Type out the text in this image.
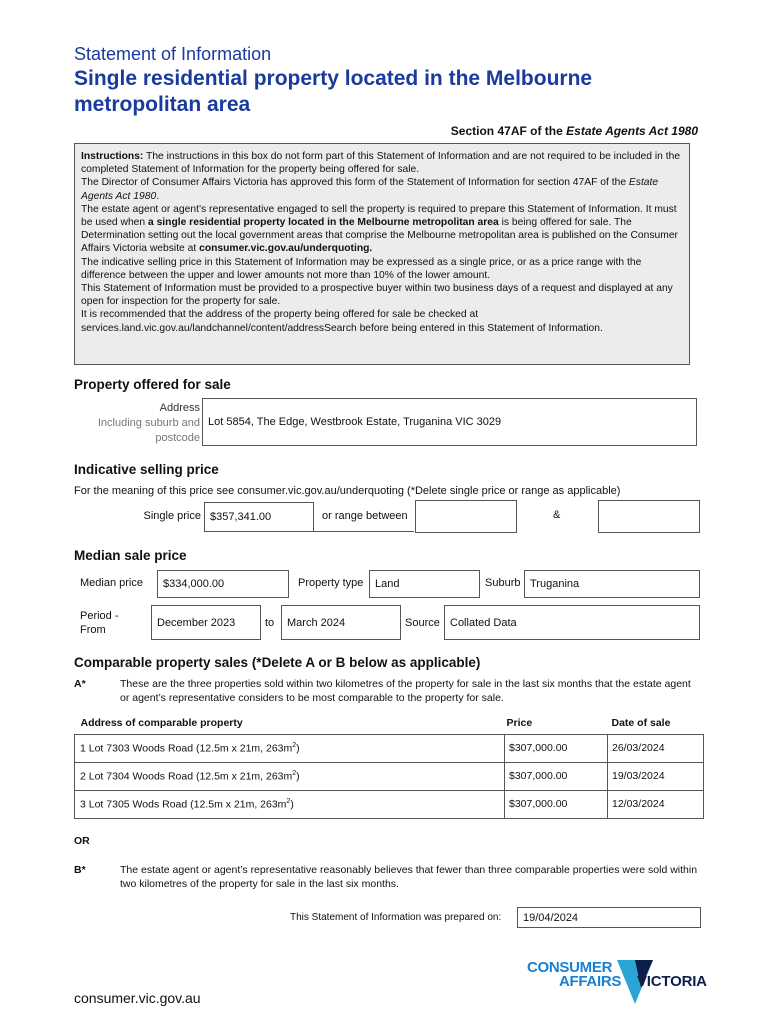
Statement of Information
Single residential property located in the Melbourne
metropolitan area
Section 47AF of the Estate Agents Act 1980

Instructions: The instructions in this box do not form part of this Statement of Information and are not required to be included in the completed Statement of Information for the property being offered for sale.

The Director of Consumer Affairs Victoria has approved this form of the Statement of Information for section 47AF of the Estate Agents Act 1980.

The estate agent or agent’s representative engaged to sell the property is required to prepare this Statement of Information. It must be used when a single residential property located in the Melbourne metropolitan area is being offered for sale. The Determination setting out the local government areas that comprise the Melbourne metropolitan area is published on the Consumer Affairs Victoria website at consumer.vic.gov.au/underquoting.

The indicative selling price in this Statement of Information may be expressed as a single price, or as a price range with the difference between the upper and lower amounts not more than 10% of the lower amount.

This Statement of Information must be provided to a prospective buyer within two business days of a request and displayed at any open for inspection for the property for sale.

It is recommended that the address of the property being offered for sale be checked at services.land.vic.gov.au/landchannel/content/addressSearch before being entered in this Statement of Information.

Property offered for sale
Address
Including suburb and
postcode
Lot 5854, The Edge, Westbrook Estate, Truganina VIC 3029
Indicative selling price
For the meaning of this price see consumer.vic.gov.au/underquoting (*Delete single price or range as applicable)
Single price $357,341.00	or range between	&
Median sale price
Median price $334,000.00	Property type Land	Suburb Truganina
Period -
From
December 2023	to March 2024	Source Collated Data
Comparable property sales (*Delete A or B below as applicable)
A*	These are the three properties sold within two kilometres of the property for sale in the last six months that the estate agent or agent’s representative considers to be most comparable to the property for sale.
Address of comparable property	Price	Date of sale
1 Lot 7303 Woods Road (12.5m x 21m, $263m^2$)	$307,000.00	26/03/2024
2 Lot 7304 Woods Road (12.5m x 21m, $263m^2$)	$307,000.00	19/03/2024
3 Lot 7305 Wods Road (12.5m x 21m, $263m^2$)	$307,000.00	12/03/2024
OR
B*	The estate agent or agent’s representative reasonably believes that fewer than three comparable properties were sold within two kilometres of the property for sale in the last six months.
This Statement of Information was prepared on: 19/04/2024
consumer.vic.gov.au
CONSUMER
AFFAIRS VICTORIA
